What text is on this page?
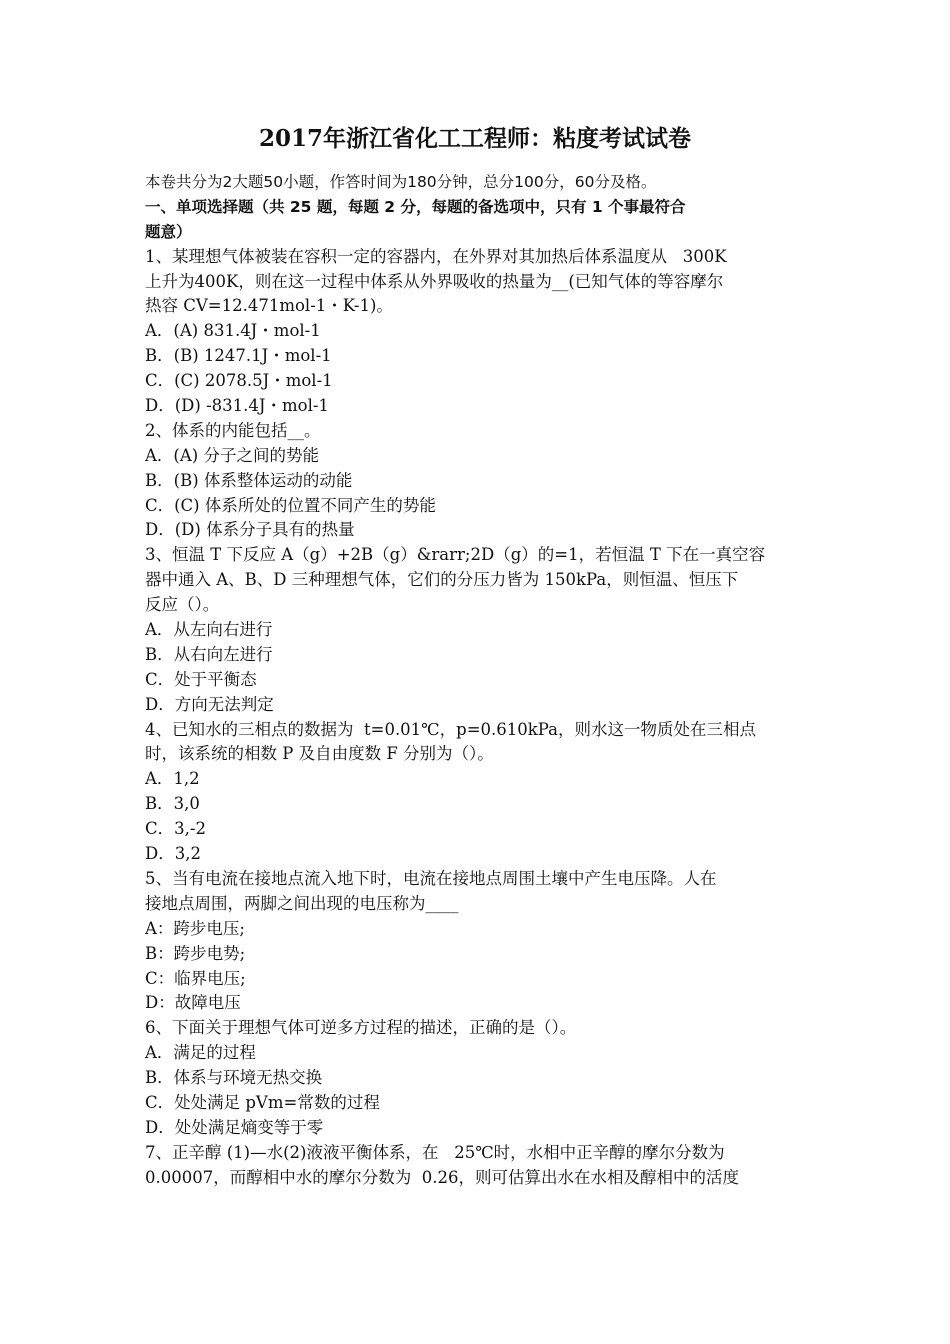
2017年浙江省化工工程师：粘度考试试卷
本卷共分为2大题50小题，作答时间为180分钟，总分100分，60分及格。
一、单项选择题（共 25 题，每题 2 分，每题的备选项中，只有 1 个事最符合
题意）
1、某理想气体被装在容积一定的容器内，在外界对其加热后体系温度从   300K
上升为400K，则在这一过程中体系从外界吸收的热量为__(已知气体的等容摩尔
热容 CV=12.471mol-1・K-1)。
A．(A) 831.4J・mol-1
B．(B) 1247.1J・mol-1
C．(C) 2078.5J・mol-1
D．(D) -831.4J・mol-1
2、体系的内能包括__。
A．(A) 分子之间的势能
B．(B) 体系整体运动的动能
C．(C) 体系所处的位置不同产生的势能
D．(D) 体系分子具有的热量
3、恒温 T 下反应 A（g）+2B（g）&rarr;2D（g）的=1，若恒温 T 下在一真空容
器中通入 A、B、D 三种理想气体，它们的分压力皆为 150kPa，则恒温、恒压下
反应（）。
A．从左向右进行
B．从右向左进行
C．处于平衡态
D．方向无法判定
4、已知水的三相点的数据为  t=0.01℃，p=0.610kPa，则水这一物质处在三相点
时，该系统的相数 P 及自由度数 F 分别为（）。
A．1,2
B．3,0
C．3,-2
D．3,2
5、当有电流在接地点流入地下时，电流在接地点周围土壤中产生电压降。人在
接地点周围，两脚之间出现的电压称为____
A：跨步电压;
B：跨步电势;
C：临界电压;
D：故障电压
6、下面关于理想气体可逆多方过程的描述，正确的是（）。
A．满足的过程
B．体系与环境无热交换
C．处处满足 pVm=常数的过程
D．处处满足熵变等于零
7、正辛醇 (1)—水(2)液液平衡体系，在   25℃时，水相中正辛醇的摩尔分数为
0.00007，而醇相中水的摩尔分数为  0.26，则可估算出水在水相及醇相中的活度
